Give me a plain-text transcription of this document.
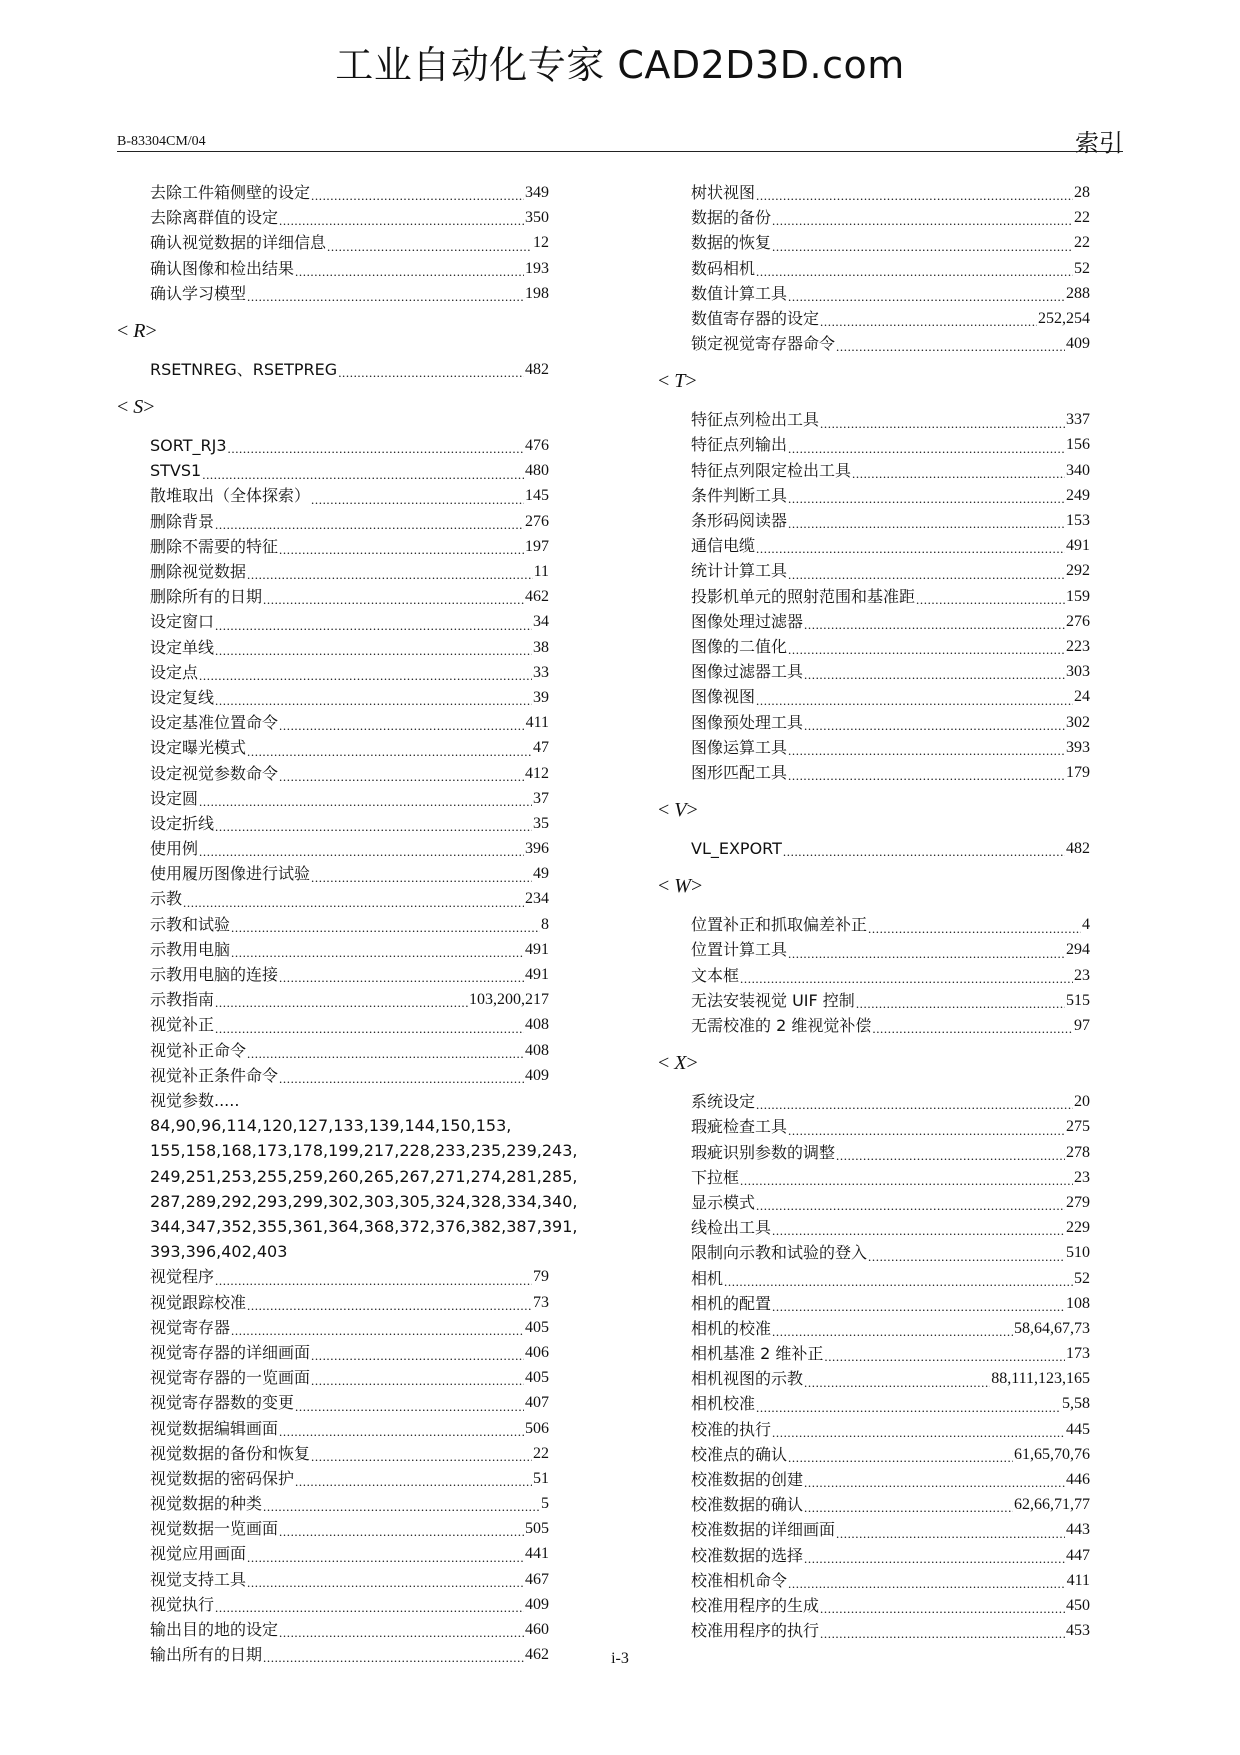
工业自动化专家 CAD2D3D.com
B-83304CM/04	索引
去除工件箱侧壁的设定 .....	349
去除离群值的设定 .....	350
确认视觉数据的详细信息 .....	12
确认图像和检出结果 .....	193
确认学习模型 .....	198
< R>
RSETNREG、RSETPREG .....	482
< S>
SORT_RJ3 .....	476
STVS1 .....	480
散堆取出（全体探索） .....	145
删除背景 .....	276
删除不需要的特征 .....	197
删除视觉数据 .....	11
删除所有的日期 .....	462
设定窗口 .....	34
设定单线 .....	38
设定点 .....	33
设定复线 .....	39
设定基准位置命令 .....	411
设定曝光模式 .....	47
设定视觉参数命令 .....	412
设定圆 .....	37
设定折线 .....	35
使用例 .....	396
使用履历图像进行试验 .....	49
示教 .....	234
示教和试验 .....	8
示教用电脑 .....	491
示教用电脑的连接 .....	491
示教指南 .....	103,200,217
视觉补正 .....	408
视觉补正命令 .....	408
视觉补正条件命令 .....	409
视觉参数..... 84,90,96,114,120,127,133,139,144,150,153,
155,158,168,173,178,199,217,228,233,235,239,243,
249,251,253,255,259,260,265,267,271,274,281,285,
287,289,292,293,299,302,303,305,324,328,334,340,
344,347,352,355,361,364,368,372,376,382,387,391,
393,396,402,403
视觉程序 .....	79
视觉跟踪校准 .....	73
视觉寄存器 .....	405
视觉寄存器的详细画面 .....	406
视觉寄存器的一览画面 .....	405
视觉寄存器数的变更 .....	407
视觉数据编辑画面 .....	506
视觉数据的备份和恢复 .....	22
视觉数据的密码保护 .....	51
视觉数据的种类 .....	5
视觉数据一览画面 .....	505
视觉应用画面 .....	441
视觉支持工具 .....	467
视觉执行 .....	409
输出目的地的设定 .....	460
输出所有的日期 .....	462
树状视图 .....	28
数据的备份 .....	22
数据的恢复 .....	22
数码相机 .....	52
数值计算工具 .....	288
数值寄存器的设定 .....	252,254
锁定视觉寄存器命令 .....	409
< T>
特征点列检出工具 .....	337
特征点列输出 .....	156
特征点列限定检出工具 .....	340
条件判断工具 .....	249
条形码阅读器 .....	153
通信电缆 .....	491
统计计算工具 .....	292
投影机单元的照射范围和基准距 .....	159
图像处理过滤器 .....	276
图像的二值化 .....	223
图像过滤器工具 .....	303
图像视图 .....	24
图像预处理工具 .....	302
图像运算工具 .....	393
图形匹配工具 .....	179
< V>
VL_EXPORT .....	482
< W>
位置补正和抓取偏差补正 .....	4
位置计算工具 .....	294
文本框 .....	23
无法安装视觉 UIF 控制 .....	515
无需校准的 2 维视觉补偿 .....	97
< X>
系统设定 .....	20
瑕疵检查工具 .....	275
瑕疵识别参数的调整 .....	278
下拉框 .....	23
显示模式 .....	279
线检出工具 .....	229
限制向示教和试验的登入 .....	510
相机 .....	52
相机的配置 .....	108
相机的校准 .....	58,64,67,73
相机基准 2 维补正 .....	173
相机视图的示教 .....	88,111,123,165
相机校准 .....	5,58
校准的执行 .....	445
校准点的确认 .....	61,65,70,76
校准数据的创建 .....	446
校准数据的确认 .....	62,66,71,77
校准数据的详细画面 .....	443
校准数据的选择 .....	447
校准相机命令 .....	411
校准用程序的生成 .....	450
校准用程序的执行 .....	453
i-3
